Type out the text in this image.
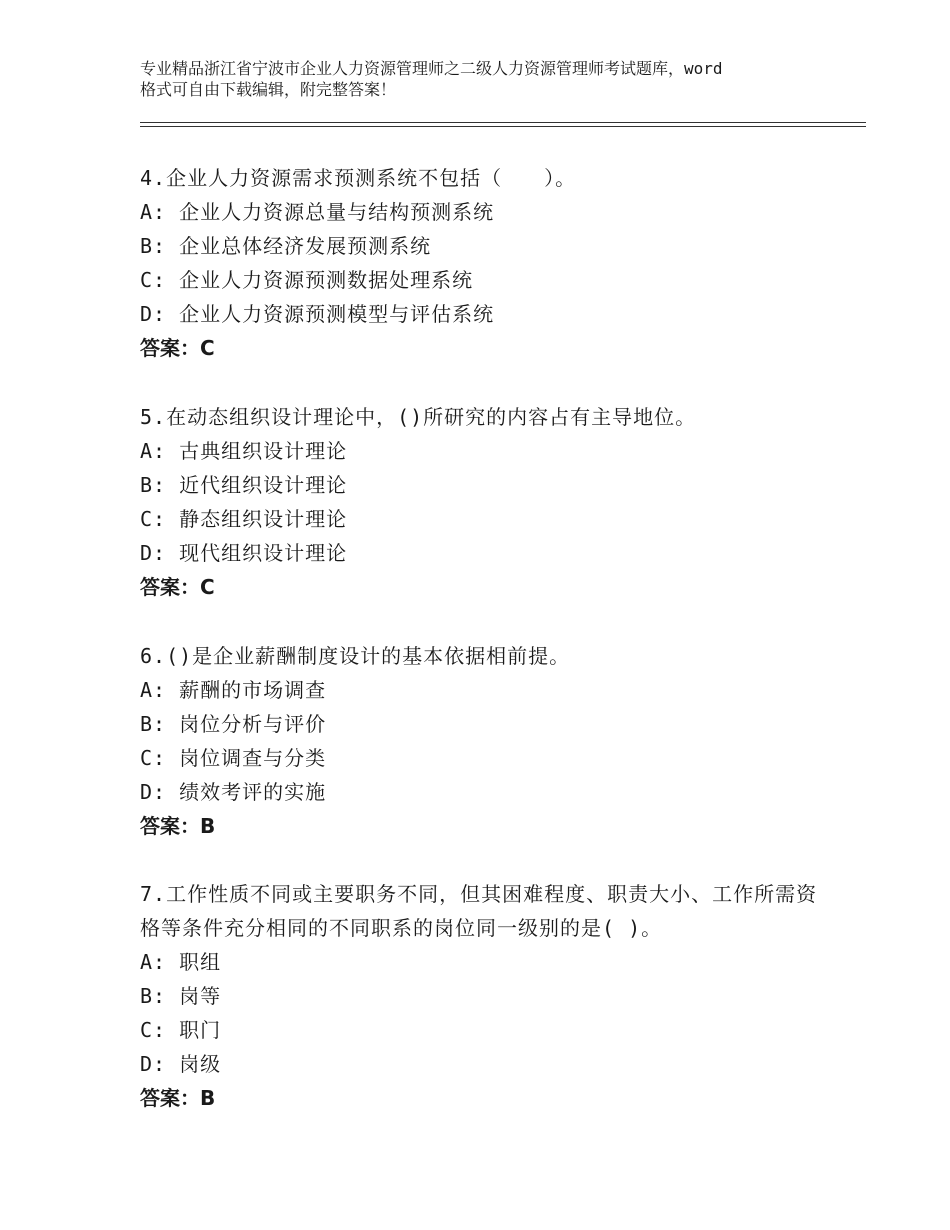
专业精品浙江省宁波市企业人力资源管理师之二级人力资源管理师考试题库，word
格式可自由下载编辑，附完整答案！
4.企业人力资源需求预测系统不包括（　　）。
A: 企业人力资源总量与结构预测系统
B: 企业总体经济发展预测系统
C: 企业人力资源预测数据处理系统
D: 企业人力资源预测模型与评估系统
答案：C
5.在动态组织设计理论中，()所研究的内容占有主导地位。
A: 古典组织设计理论
B: 近代组织设计理论
C: 静态组织设计理论
D: 现代组织设计理论
答案：C
6.()是企业薪酬制度设计的基本依据相前提。
A: 薪酬的市场调查
B: 岗位分析与评价
C: 岗位调查与分类
D: 绩效考评的实施
答案：B
7.工作性质不同或主要职务不同，但其困难程度、职责大小、工作所需资格等条件充分相同的不同职系的岗位同一级别的是( )。
A: 职组
B: 岗等
C: 职门
D: 岗级
答案：B
